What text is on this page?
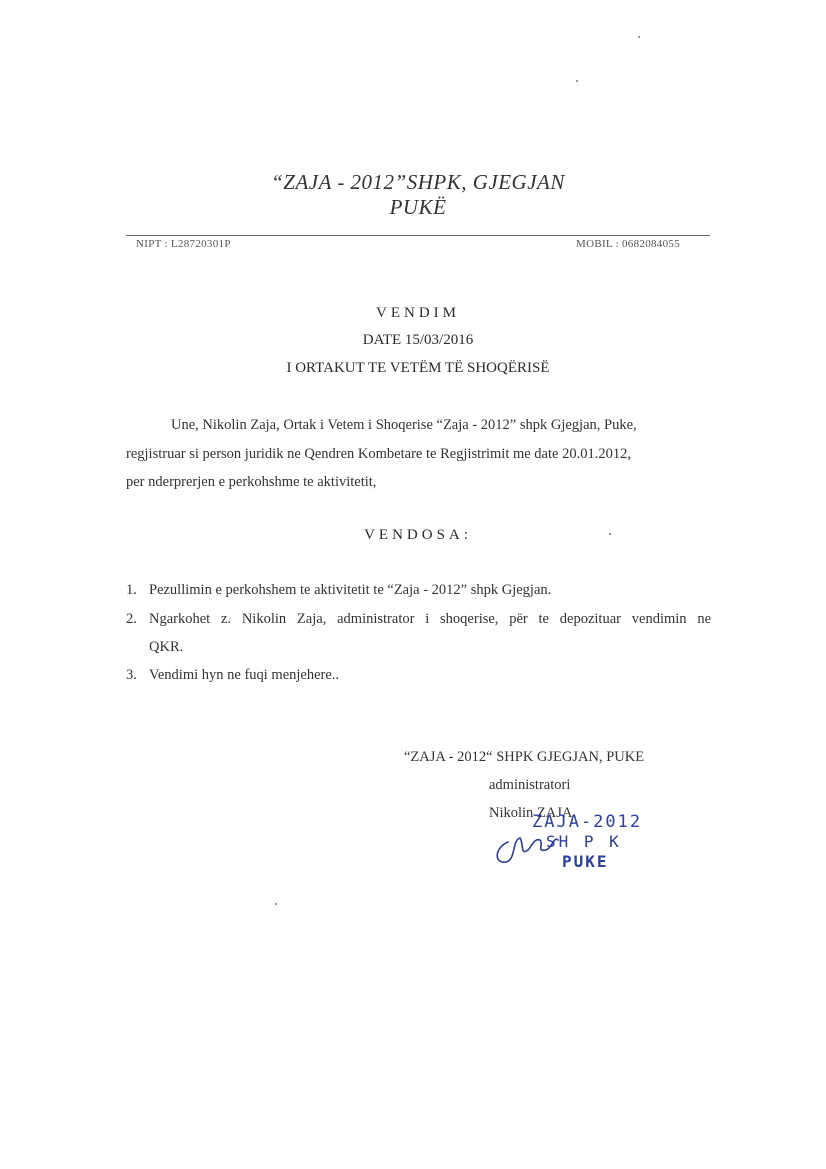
“ZAJA - 2012”SHPK, GJEGJAN
PUKË
NIPT : L28720301P	MOBIL : 0682084055
VENDIM
DATE 15/03/2016
I ORTAKUT TE VETËM TË SHOQËRISË
Une, Nikolin Zaja, Ortak i Vetem i Shoqerise “Zaja - 2012” shpk Gjegjan, Puke,
regjistruar si person juridik ne Qendren Kombetare te Regjistrimit me date 20.01.2012,
per nderprerjen e perkohshme te aktivitetit,
VENDOSA:
1. Pezullimin e perkohshem te aktivitetit te “Zaja - 2012” shpk Gjegjan.
2. Ngarkohet z. Nikolin Zaja, administrator i shoqerise, për te depozituar vendimin ne
QKR.
3. Vendimi hyn ne fuqi menjehere..
“ZAJA - 2012“ SHPK GJEGJAN, PUKE
administratori
Nikolin ZAJA
ZAJA-2012
SH P K
PUKE
